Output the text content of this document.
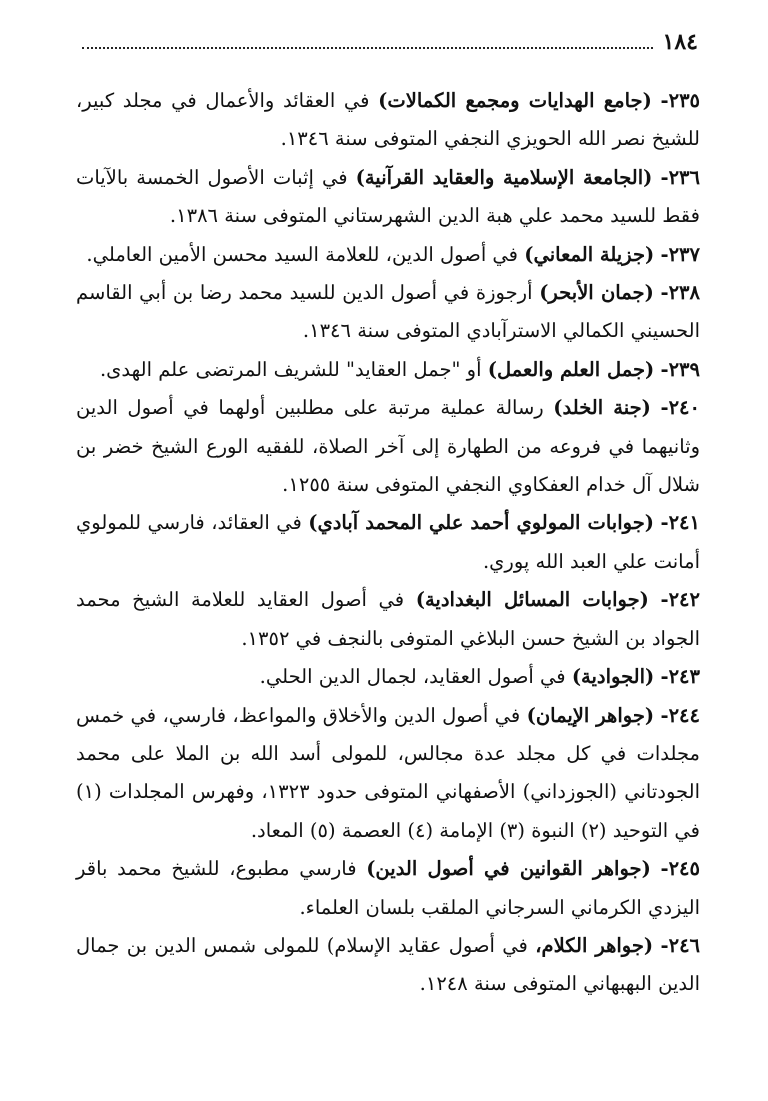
١٨٤

٢٣٥- (جامع الهدايات ومجمع الكمالات) في العقائد والأعمال في مجلد كبير، للشيخ نصر الله الحويزي النجفي المتوفى سنة ١٣٤٦.

٢٣٦- (الجامعة الإسلامية والعقايد القرآنية) في إثبات الأصول الخمسة بالآيات فقط للسيد محمد علي هبة الدين الشهرستاني المتوفى سنة ١٣٨٦.

٢٣٧- (جزيلة المعاني) في أصول الدين، للعلامة السيد محسن الأمين العاملي.

٢٣٨- (جمان الأبحر) أرجوزة في أصول الدين للسيد محمد رضا بن أبي القاسم الحسيني الكمالي الاسترآبادي المتوفى سنة ١٣٤٦.

٢٣٩- (جمل العلم والعمل) أو "جمل العقايد" للشريف المرتضى علم الهدى.

٢٤٠- (جنة الخلد) رسالة عملية مرتبة على مطلبين أولهما في أصول الدين وثانيهما في فروعه من الطهارة إلى آخر الصلاة، للفقيه الورع الشيخ خضر بن شلال آل خدام العفكاوي النجفي المتوفى سنة ١٢٥٥.

٢٤١- (جوابات المولوي أحمد علي المحمد آبادي) في العقائد، فارسي للمولوي أمانت علي العبد الله پوري.

٢٤٢- (جوابات المسائل البغدادية) في أصول العقايد للعلامة الشيخ محمد الجواد بن الشيخ حسن البلاغي المتوفى بالنجف في ١٣٥٢.

٢٤٣- (الجوادية) في أصول العقايد، لجمال الدين الحلي.

٢٤٤- (جواهر الإيمان) في أصول الدين والأخلاق والمواعظ، فارسي، في خمس مجلدات في كل مجلد عدة مجالس، للمولى أسد الله بن الملا على محمد الجودتاني (الجوزداني) الأصفهاني المتوفى حدود ١٣٢٣، وفهرس المجلدات (١) في التوحيد (٢) النبوة (٣) الإمامة (٤) العصمة (٥) المعاد.

٢٤٥- (جواهر القوانين في أصول الدين) فارسي مطبوع، للشيخ محمد باقر اليزدي الكرماني السرجاني الملقب بلسان العلماء.

٢٤٦- (جواهر الكلام، في أصول عقايد الإسلام) للمولى شمس الدين بن جمال الدين البهبهاني المتوفى سنة ١٢٤٨.
